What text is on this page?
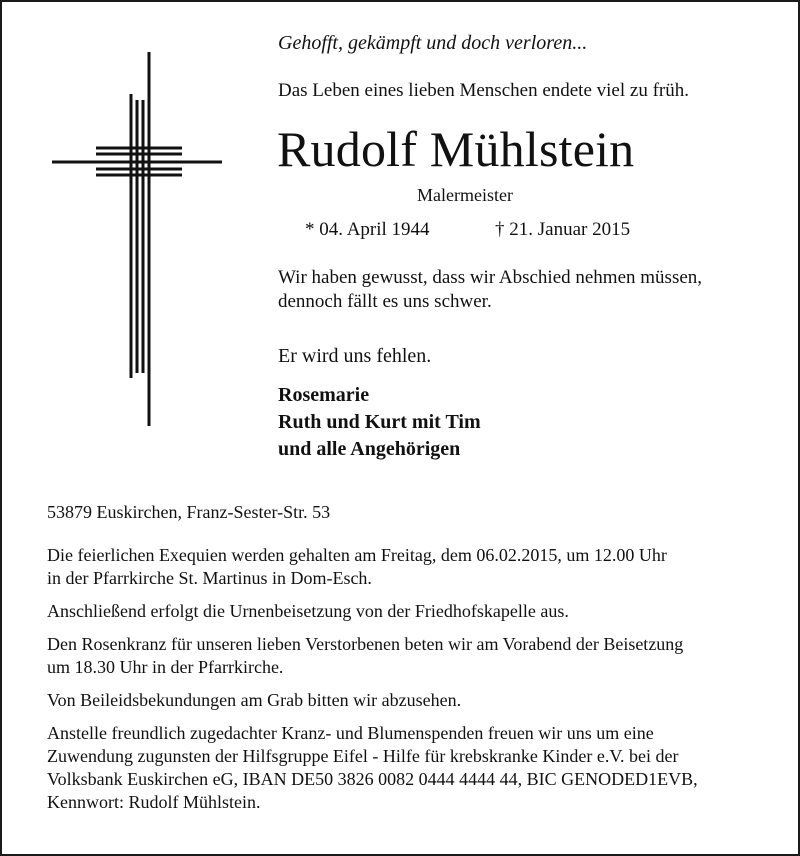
Gehofft, gekämpft und doch verloren...
Das Leben eines lieben Menschen endete viel zu früh.
Rudolf Mühlstein
Malermeister
* 04. April 1944	† 21. Januar 2015
Wir haben gewusst, dass wir Abschied nehmen müssen,
dennoch fällt es uns schwer.
Er wird uns fehlen.
Rosemarie
Ruth und Kurt mit Tim
und alle Angehörigen
53879 Euskirchen, Franz-Sester-Str. 53

Die feierlichen Exequien werden gehalten am Freitag, dem 06.02.2015, um 12.00 Uhr
in der Pfarrkirche St. Martinus in Dom-Esch.

Anschließend erfolgt die Urnenbeisetzung von der Friedhofskapelle aus.

Den Rosenkranz für unseren lieben Verstorbenen beten wir am Vorabend der Beisetzung
um 18.30 Uhr in der Pfarrkirche.

Von Beileidsbekundungen am Grab bitten wir abzusehen.

Anstelle freundlich zugedachter Kranz- und Blumenspenden freuen wir uns um eine
Zuwendung zugunsten der Hilfsgruppe Eifel - Hilfe für krebskranke Kinder e.V. bei der
Volksbank Euskirchen eG, IBAN DE50 3826 0082 0444 4444 44, BIC GENODED1EVB,
Kennwort: Rudolf Mühlstein.
